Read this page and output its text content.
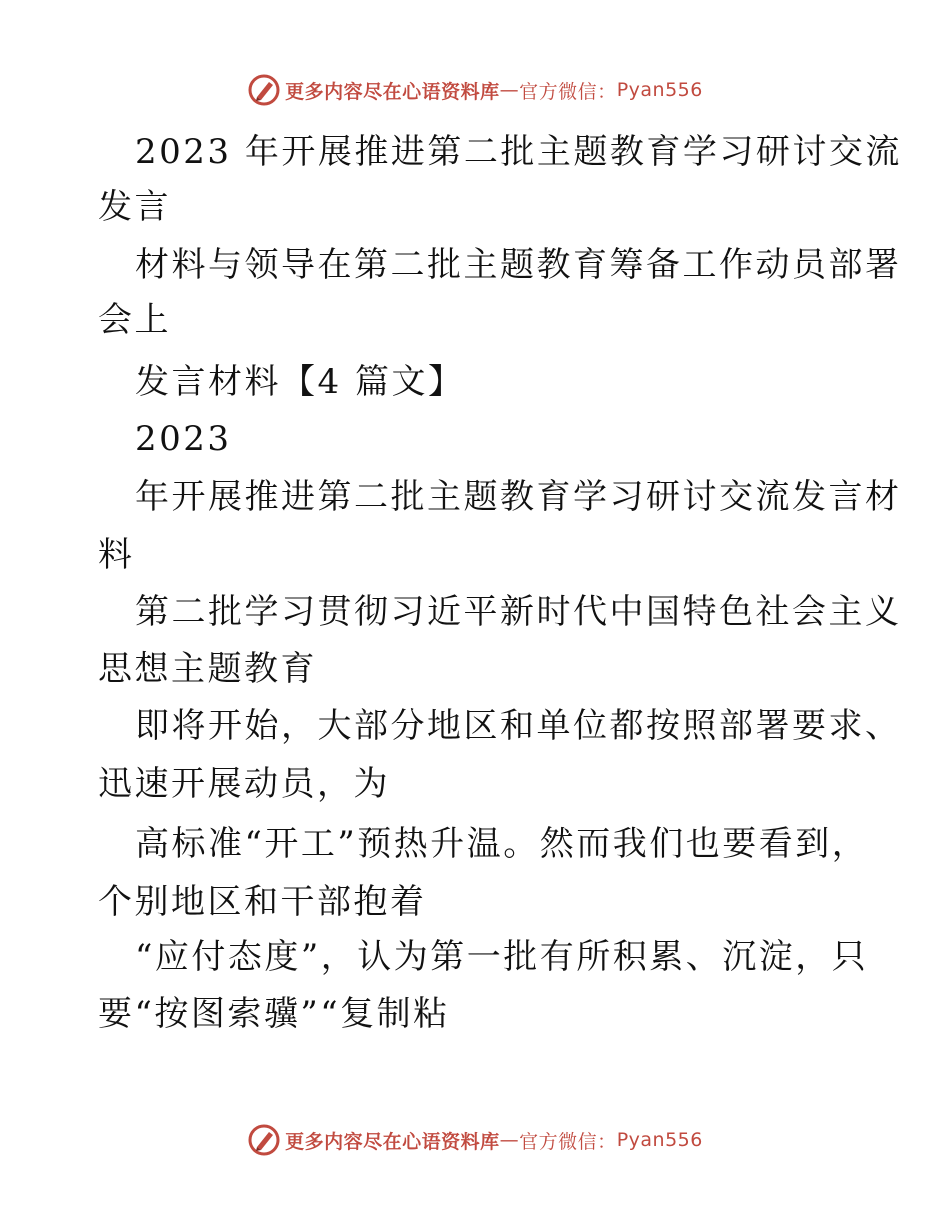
更多内容尽在心语资料库 — 官方微信： Pyan556
2023 年开展推进第二批主题教育学习研讨交流
发言
材料与领导在第二批主题教育筹备工作动员部署
会上
发言材料【4 篇文】
2023
年开展推进第二批主题教育学习研讨交流发言材
料
第二批学习贯彻习近平新时代中国特色社会主义
思想主题教育
即将开始，大部分地区和单位都按照部署要求、
迅速开展动员，为
高标准“开工”预热升温。然而我们也要看到，
个别地区和干部抱着
“应付态度”，认为第一批有所积累、沉淀，只
要“按图索骥”“复制粘
更多内容尽在心语资料库 — 官方微信： Pyan556
